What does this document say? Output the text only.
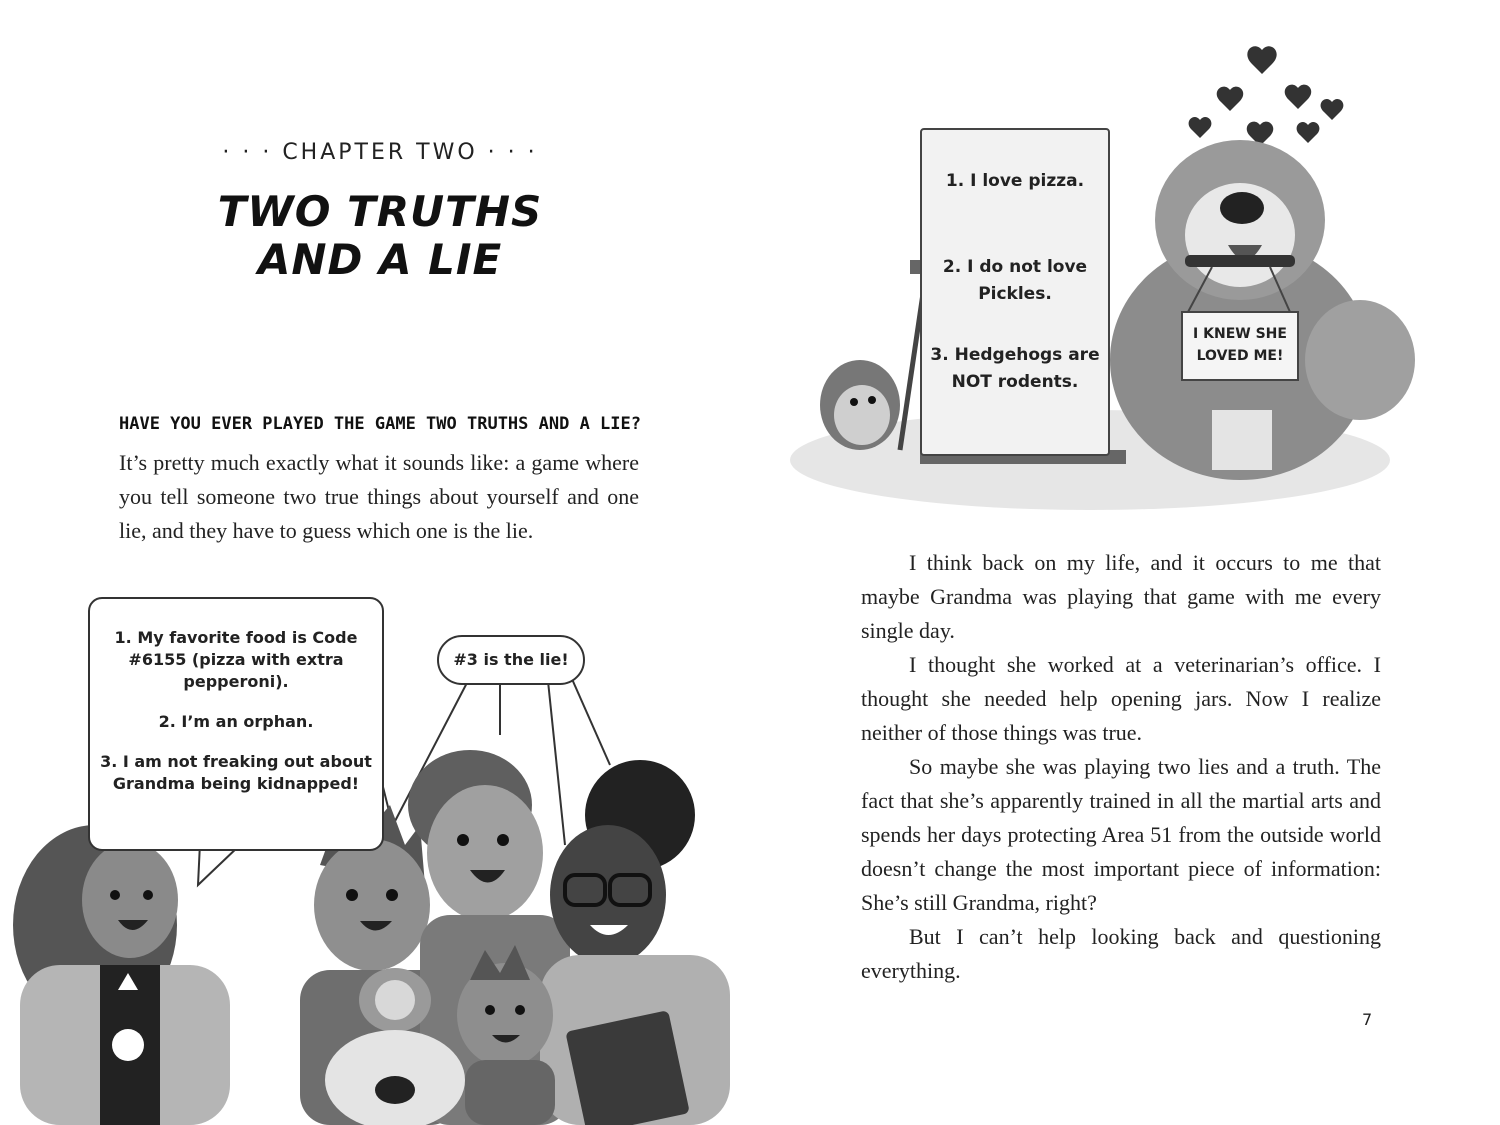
· · · CHAPTER TWO · · ·
TWO TRUTHS
AND A LIE
HAVE YOU EVER PLAYED THE GAME TWO TRUTHS AND A LIE?
It’s pretty much exactly what it sounds like: a game where you tell someone two true things about yourself and one lie, and they have to guess which one is the lie.

1. My favorite food is Code #6155 (pizza with extra pepperoni).

2. I’m an orphan.

3. I am not freaking out about Grandma being kidnapped!

#3 is the lie!

1. I love pizza.

2. I do not love Pickles.

3. Hedgehogs are NOT rodents.

I KNEW SHE
LOVED ME!

I think back on my life, and it occurs to me that maybe Grandma was playing that game with me every single day.

I thought she worked at a veterinarian’s office. I thought she needed help opening jars. Now I realize neither of those things was true.

So maybe she was playing two lies and a truth. The fact that she’s apparently trained in all the martial arts and spends her days protecting Area 51 from the outside world doesn’t change the most important piece of information: She’s still Grandma, right?

But I can’t help looking back and questioning everything.

7
